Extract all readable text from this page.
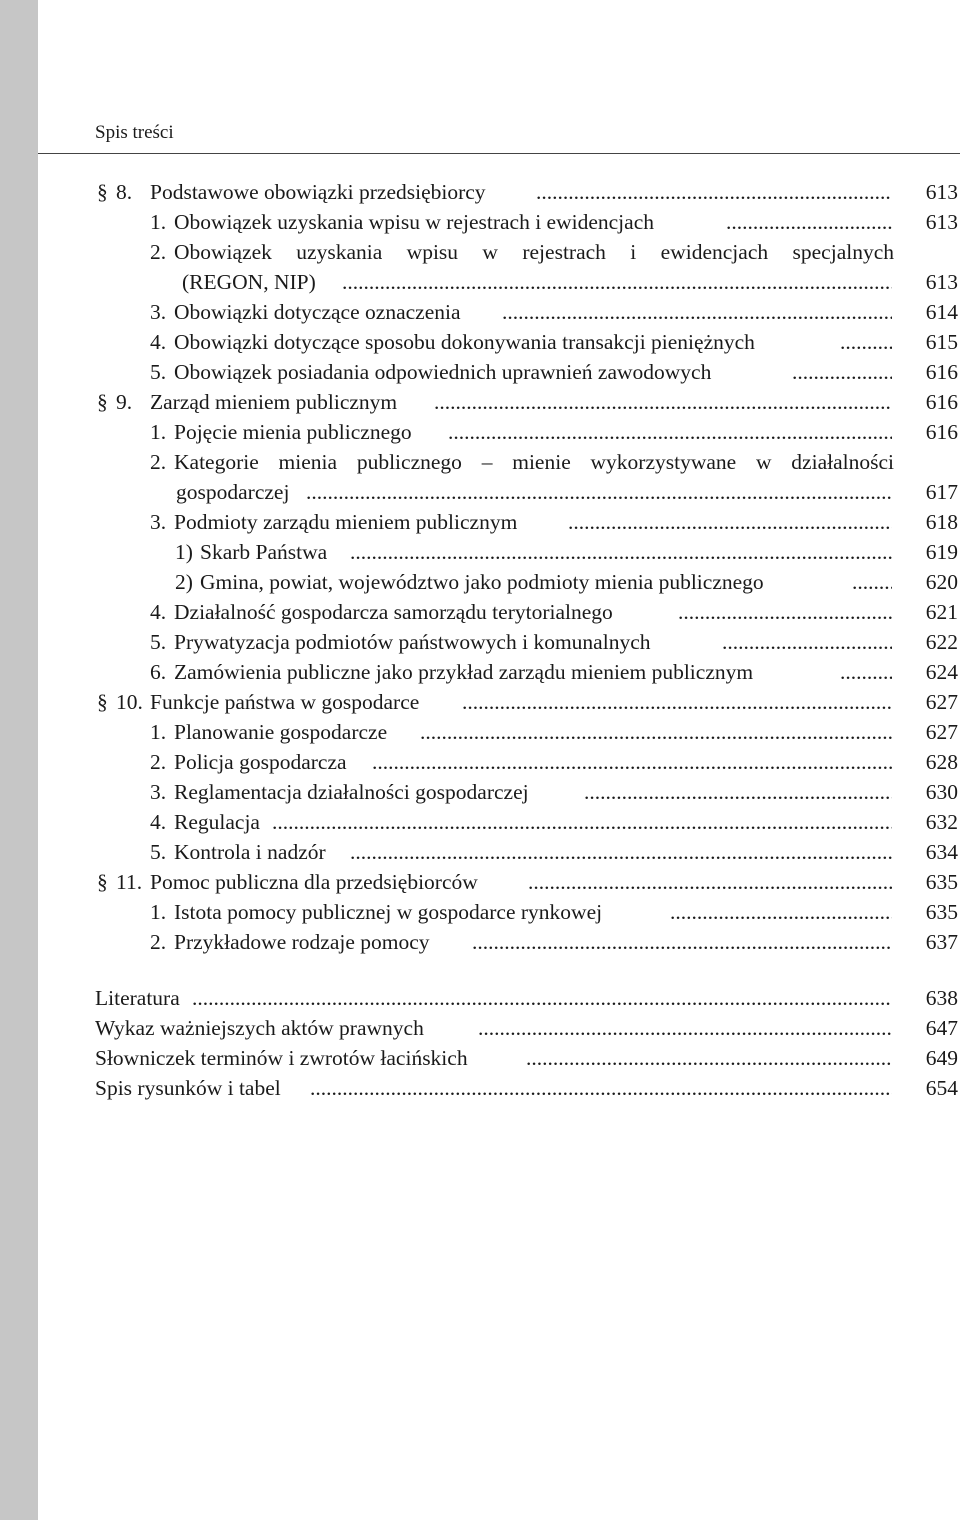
Spis treści
§ 8. Podstawowe obowiązki przedsiębiorcy .....	613
1. Obowiązek uzyskania wpisu w rejestrach i ewidencjach .....	613
2. Obowiązek uzyskania wpisu w rejestrach i ewidencjach specjalnych
(REGON, NIP) .....	613
3. Obowiązki dotyczące oznaczenia .....	614
4. Obowiązki dotyczące sposobu dokonywania transakcji pieniężnych .....	615
5. Obowiązek posiadania odpowiednich uprawnień zawodowych .....	616
§ 9. Zarząd mieniem publicznym .....	616
1. Pojęcie mienia publicznego .....	616
2. Kategorie mienia publicznego – mienie wykorzystywane w działalności
gospodarczej .....	617
3. Podmioty zarządu mieniem publicznym .....	618
1) Skarb Państwa .....	619
2) Gmina, powiat, województwo jako podmioty mienia publicznego .....	620
4. Działalność gospodarcza samorządu terytorialnego .....	621
5. Prywatyzacja podmiotów państwowych i komunalnych .....	622
6. Zamówienia publiczne jako przykład zarządu mieniem publicznym .....	624
§ 10. Funkcje państwa w gospodarce .....	627
1. Planowanie gospodarcze .....	627
2. Policja gospodarcza .....	628
3. Reglamentacja działalności gospodarczej .....	630
4. Regulacja .....	632
5. Kontrola i nadzór .....	634
§ 11. Pomoc publiczna dla przedsiębiorców .....	635
1. Istota pomocy publicznej w gospodarce rynkowej .....	635
2. Przykładowe rodzaje pomocy .....	637
Literatura .....	638
Wykaz ważniejszych aktów prawnych .....	647
Słowniczek terminów i zwrotów łacińskich .....	649
Spis rysunków i tabel .....	654
